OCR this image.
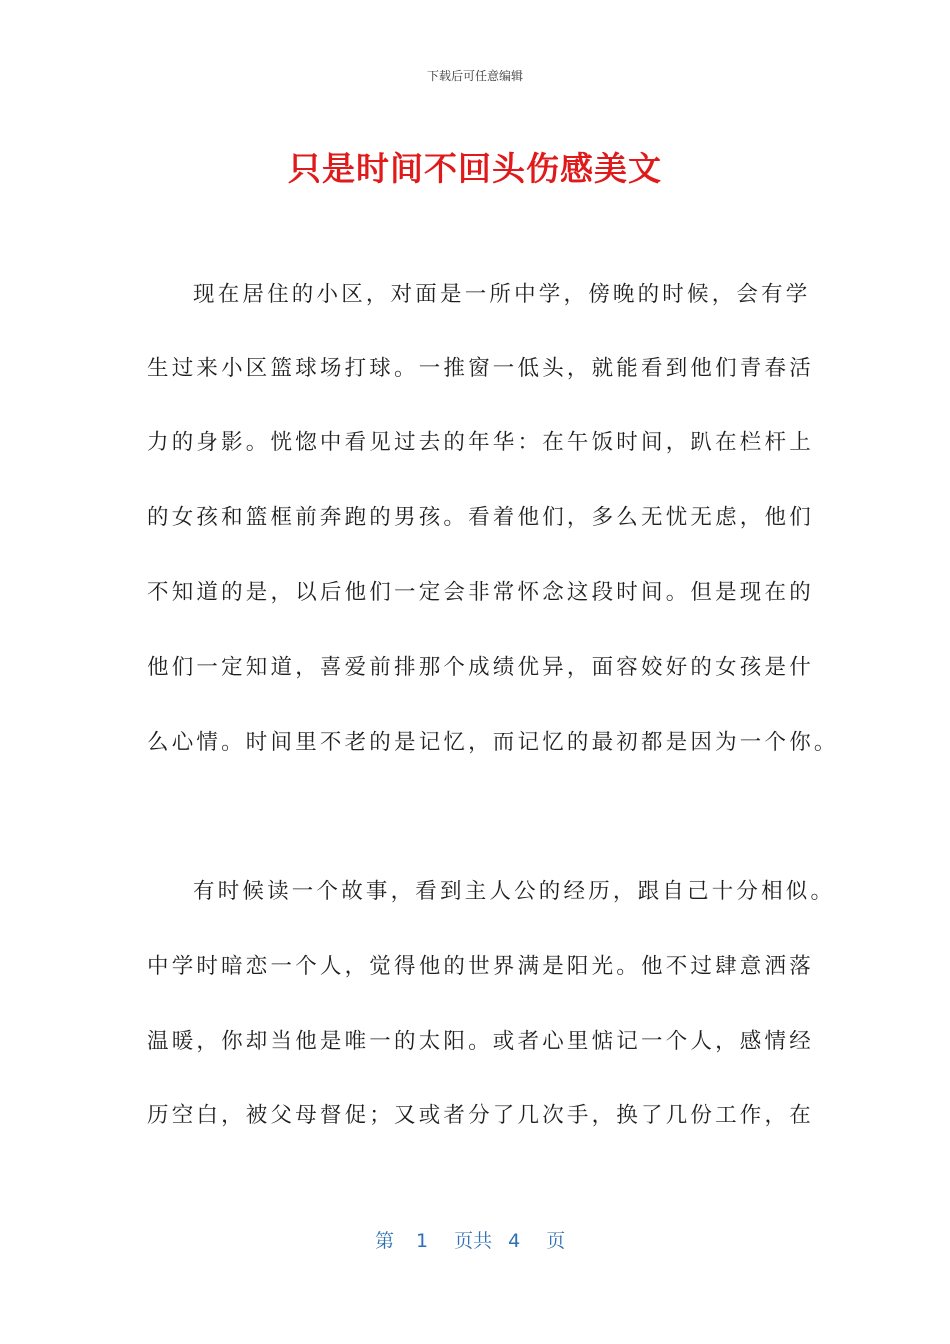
下载后可任意编辑
只是时间不回头伤感美文
现在居住的小区，对面是一所中学，傍晚的时候，会有学
生过来小区篮球场打球。一推窗一低头，就能看到他们青春活
力的身影。恍惚中看见过去的年华：在午饭时间，趴在栏杆上
的女孩和篮框前奔跑的男孩。看着他们，多么无忧无虑，他们
不知道的是，以后他们一定会非常怀念这段时间。但是现在的
他们一定知道，喜爱前排那个成绩优异，面容姣好的女孩是什
么心情。时间里不老的是记忆，而记忆的最初都是因为一个你。
有时候读一个故事，看到主人公的经历，跟自己十分相似。
中学时暗恋一个人，觉得他的世界满是阳光。他不过肆意洒落
温暖，你却当他是唯一的太阳。或者心里惦记一个人，感情经
历空白，被父母督促；又或者分了几次手，换了几份工作，在
第 1 页共 4 页
